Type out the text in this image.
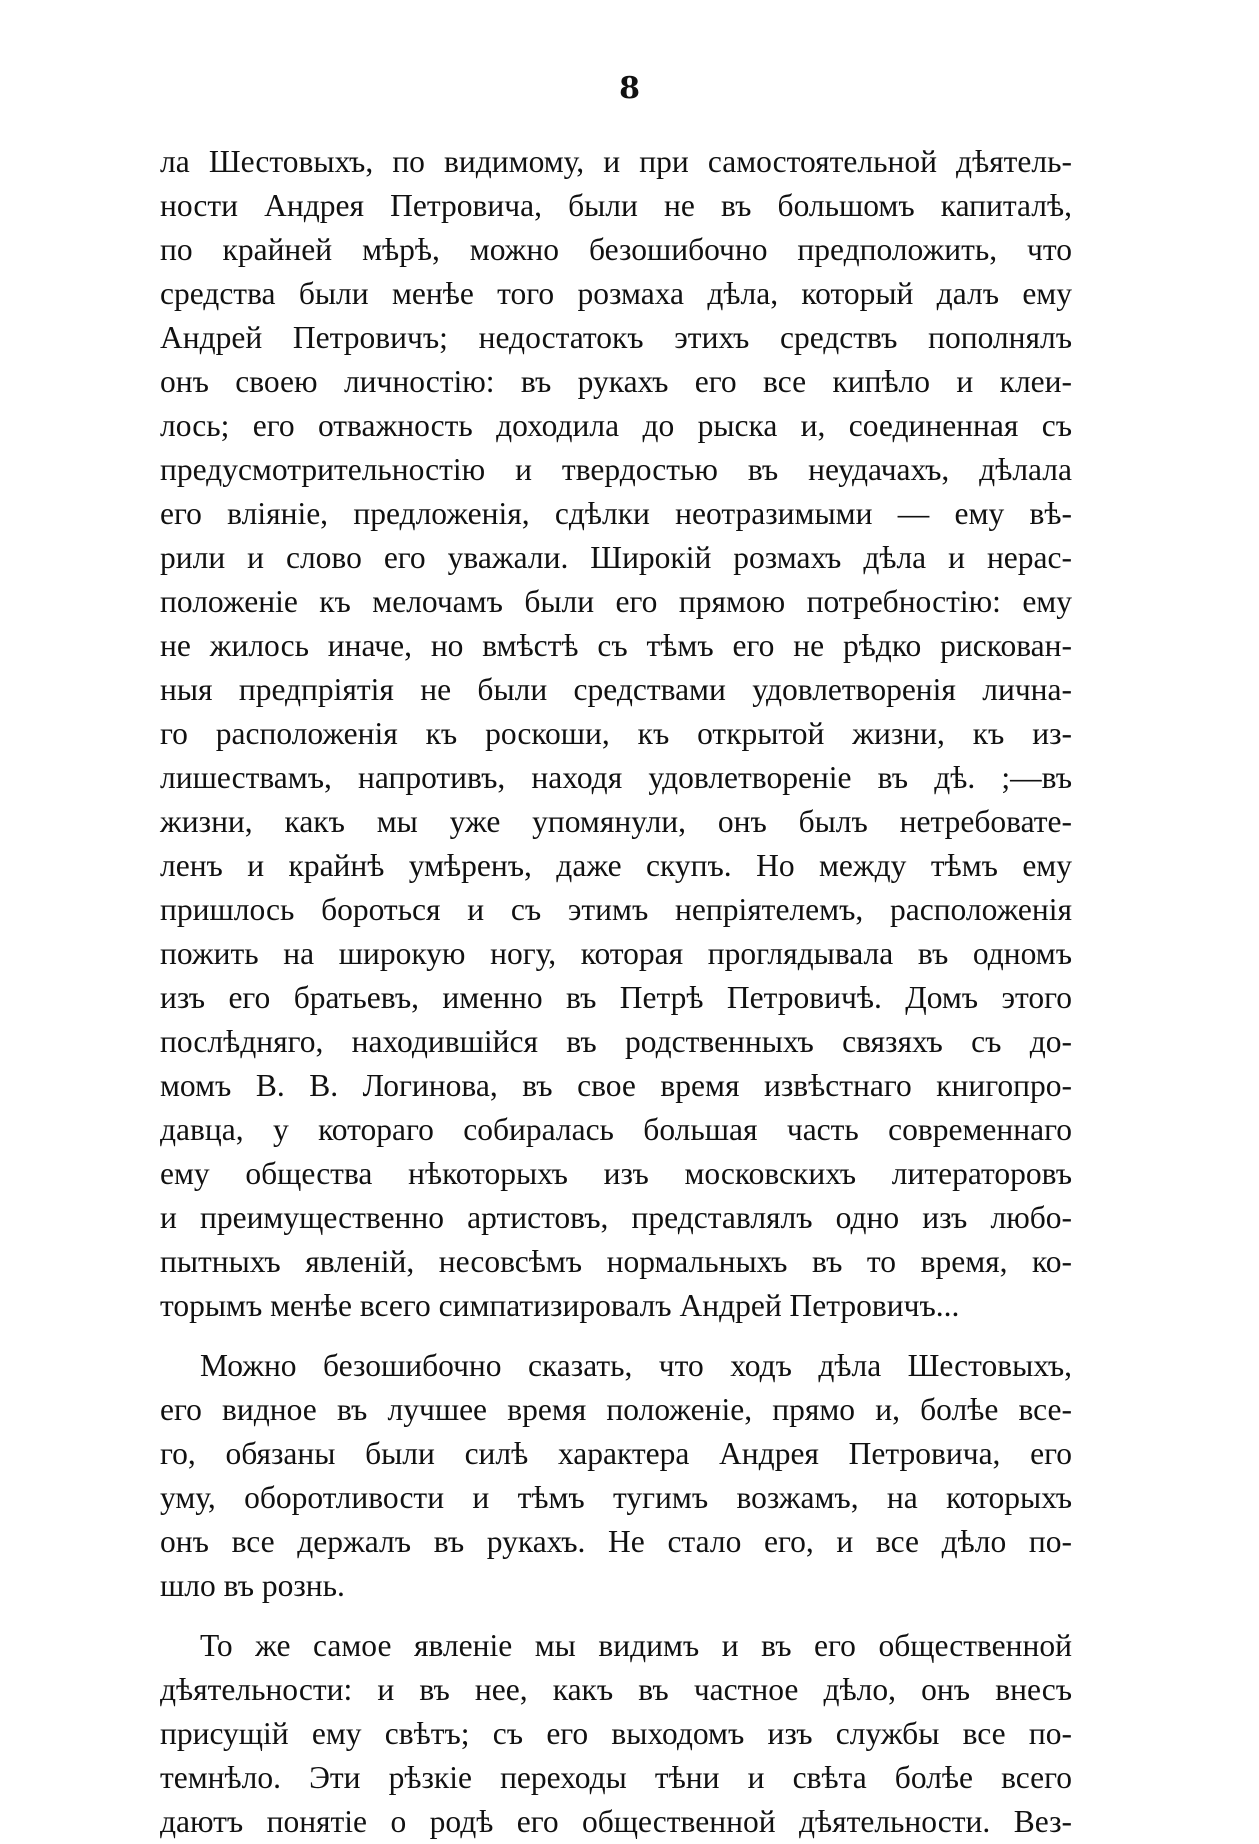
8
ла Шестовыхъ, по видимому, и при самостоятельной дѣятель-
ности Андрея Петровича, были не въ большомъ капиталѣ,
по крайней мѣрѣ, можно безошибочно предположить, что
средства были менѣе того розмаха дѣла, который далъ ему
Андрей Петровичъ; недостатокъ этихъ средствъ пополнялъ
онъ своею личностію: въ рукахъ его все кипѣло и клеи-
лось; его отважность доходила до рыска и, соединенная съ
предусмотрительностію и твердостью въ неудачахъ, дѣлала
его вліяніе, предложенія, сдѣлки неотразимыми — ему вѣ-
рили и слово его уважали. Широкій розмахъ дѣла и нерас-
положеніе къ мелочамъ были его прямою потребностію: ему
не жилось иначе, но вмѣстѣ съ тѣмъ его не рѣдко рискован-
ныя предпріятія не были средствами удовлетворенія лична-
го расположенія къ роскоши, къ открытой жизни, къ из-
лишествамъ, напротивъ, находя удовлетвореніе въ дѣ. ;—въ
жизни, какъ мы уже упомянули, онъ былъ нетребовате-
ленъ и крайнѣ умѣренъ, даже скупъ. Но между тѣмъ ему
пришлось бороться и съ этимъ непріятелемъ, расположенія
пожить на широкую ногу, которая проглядывала въ одномъ
изъ его братьевъ, именно въ Петрѣ Петровичѣ. Домъ этого
послѣдняго, находившійся въ родственныхъ связяхъ съ до-
момъ В. В. Логинова, въ свое время извѣстнаго книгопро-
давца, у котораго собиралась большая часть современнаго
ему общества нѣкоторыхъ изъ московскихъ литераторовъ
и преимущественно артистовъ, представлялъ одно изъ любо-
пытныхъ явленій, несовсѣмъ нормальныхъ въ то время, ко-
торымъ менѣе всего симпатизировалъ Андрей Петровичъ...
Можно безошибочно сказать, что ходъ дѣла Шестовыхъ,
его видное въ лучшее время положеніе, прямо и, болѣе все-
го, обязаны были силѣ характера Андрея Петровича, его
уму, оборотливости и тѣмъ тугимъ возжамъ, на которыхъ
онъ все держалъ въ рукахъ. Не стало его, и все дѣло по-
шло въ рознь.
То же самое явленіе мы видимъ и въ его общественной
дѣятельности: и въ нее, какъ въ частное дѣло, онъ внесъ
присущій ему свѣтъ; съ его выходомъ изъ службы все по-
темнѣло. Эти рѣзкіе переходы тѣни и свѣта болѣе всего
даютъ понятіе о родѣ его общественной дѣятельности. Вез-
